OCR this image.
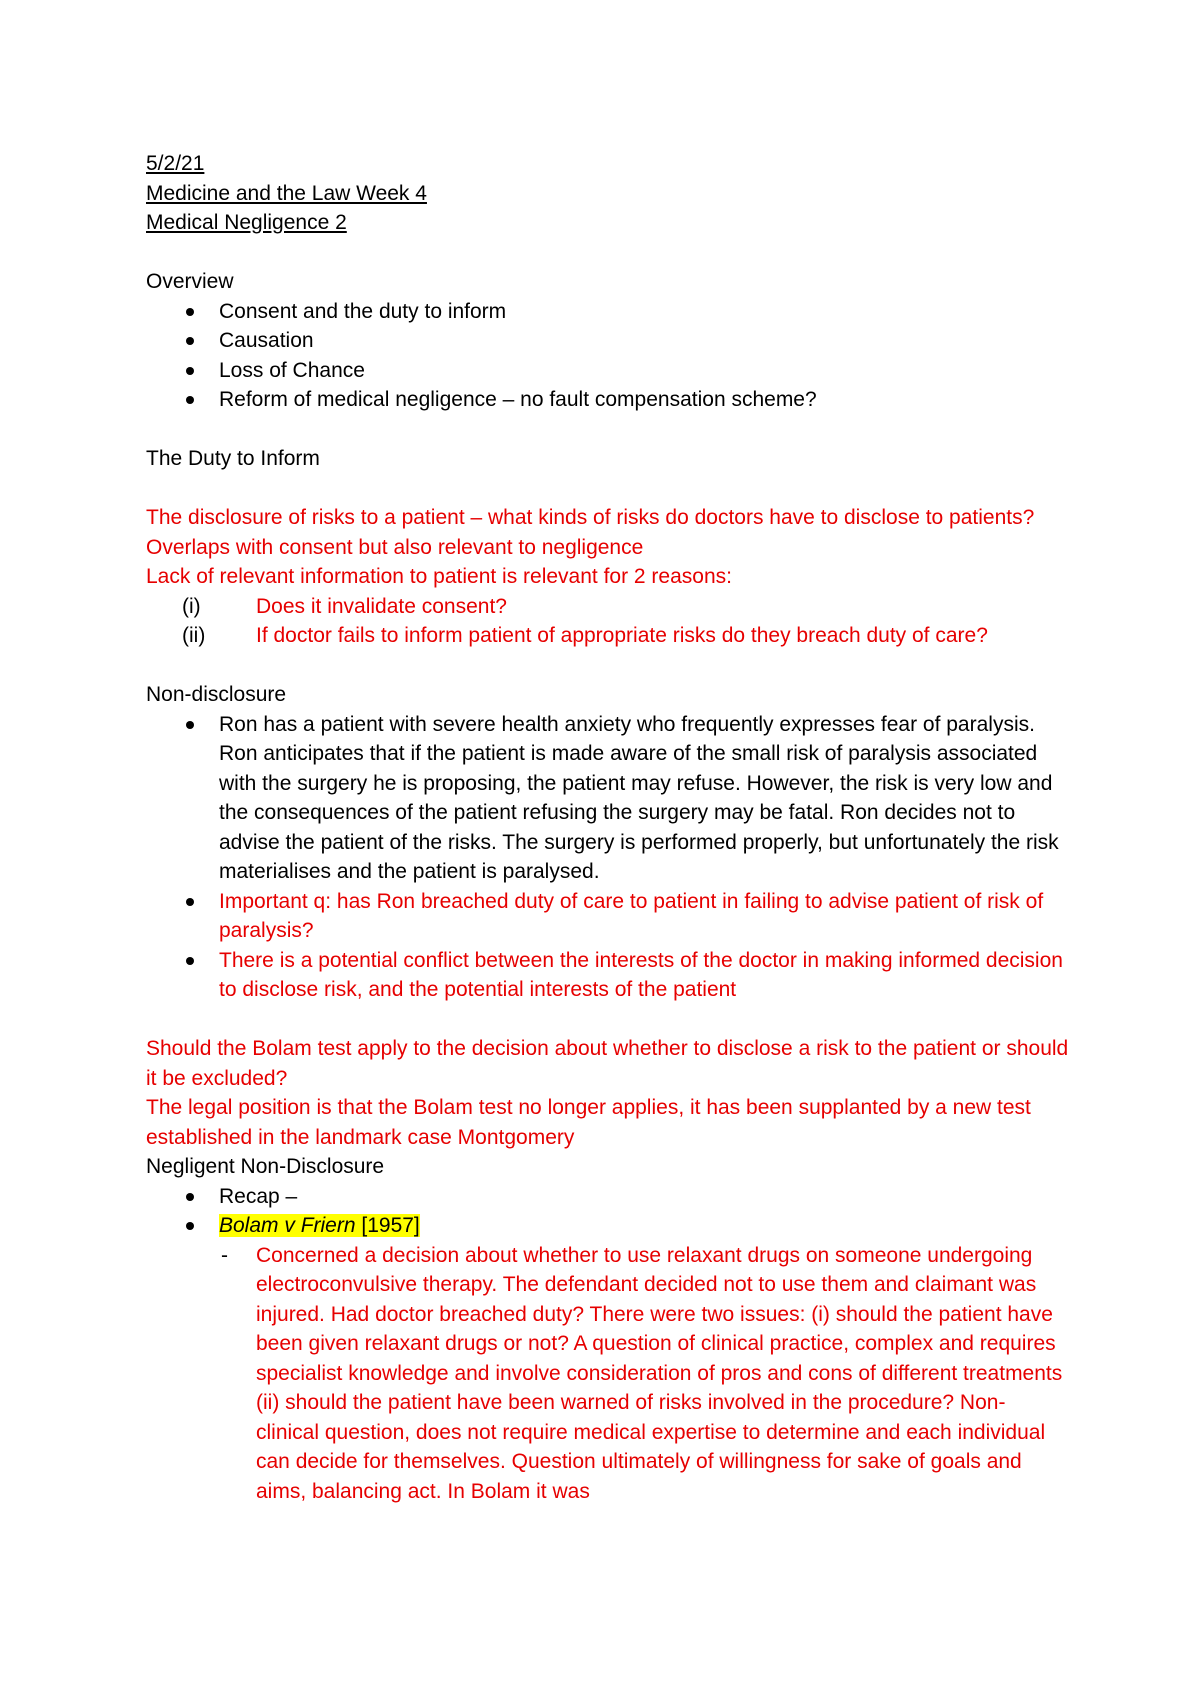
5/2/21

Medicine and the Law Week 4

Medical Negligence 2

Overview

Consent and the duty to inform
Causation
Loss of Chance
Reform of medical negligence – no fault compensation scheme?

The Duty to Inform

The disclosure of risks to a patient – what kinds of risks do doctors have to disclose to patients? Overlaps with consent but also relevant to negligence

Lack of relevant information to patient is relevant for 2 reasons:

(i)	Does it invalidate consent?
(ii) If doctor fails to inform patient of appropriate risks do they breach duty of care?

Non-disclosure

Ron has a patient with severe health anxiety who frequently expresses fear of paralysis. Ron anticipates that if the patient is made aware of the small risk of paralysis associated with the surgery he is proposing, the patient may refuse. However, the risk is very low and the consequences of the patient refusing the surgery may be fatal. Ron decides not to advise the patient of the risks. The surgery is performed properly, but unfortunately the risk materialises and the patient is paralysed.
Important q: has Ron breached duty of care to patient in failing to advise patient of risk of paralysis?
There is a potential conflict between the interests of the doctor in making informed decision to disclose risk, and the potential interests of the patient

Should the Bolam test apply to the decision about whether to disclose a risk to the patient or should it be excluded?

The legal position is that the Bolam test no longer applies, it has been supplanted by a new test established in the landmark case Montgomery

Negligent Non-Disclosure

Recap –
Bolam v Friern [1957]
- Concerned a decision about whether to use relaxant drugs on someone undergoing electroconvulsive therapy. The defendant decided not to use them and claimant was injured. Had doctor breached duty? There were two issues: (i) should the patient have been given relaxant drugs or not? A question of clinical practice, complex and requires specialist knowledge and involve consideration of pros and cons of different treatments (ii) should the patient have been warned of risks involved in the procedure? Non-clinical question, does not require medical expertise to determine and each individual can decide for themselves. Question ultimately of willingness for sake of goals and aims, balancing act. In Bolam it was
